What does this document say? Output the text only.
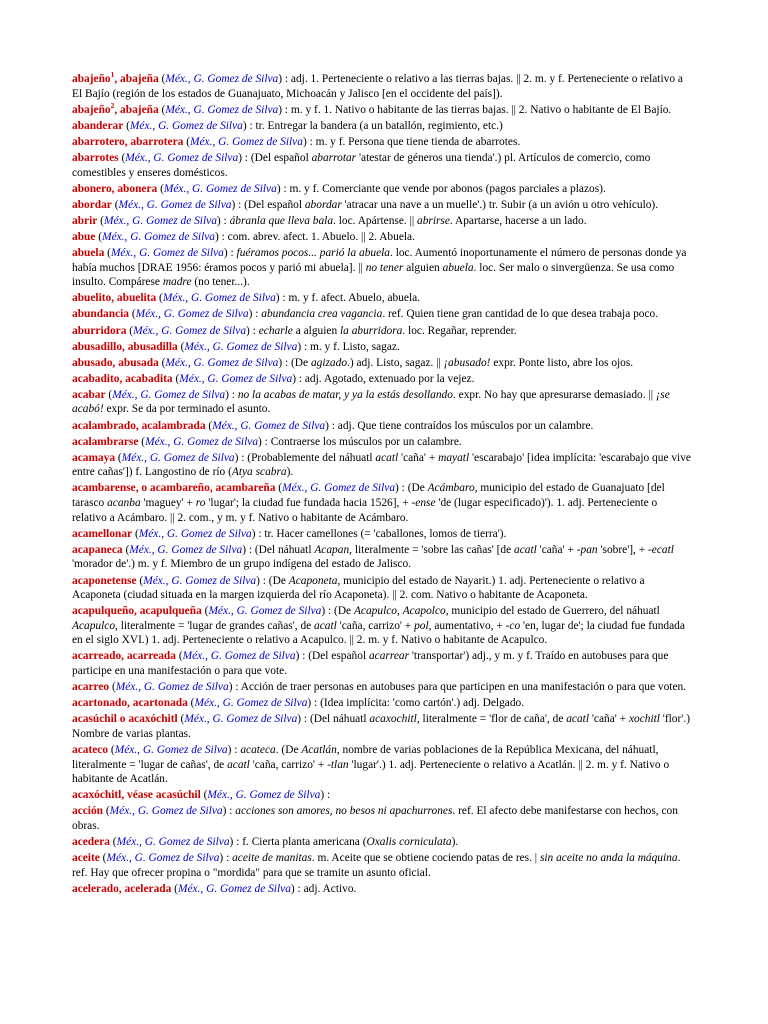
abajeño$^1$, abajeña (Méx., G. Gomez de Silva) : adj. 1. Perteneciente o relativo a las tierras bajas. || 2. m. y f. Perteneciente o relativo a El Bajío (región de los estados de Guanajuato, Michoacán y Jalisco [en el occidente del país]).
abajeño$^2$, abajeña (Méx., G. Gomez de Silva) : m. y f. 1. Nativo o habitante de las tierras bajas. || 2. Nativo o habitante de El Bajío.
abanderar (Méx., G. Gomez de Silva) : tr. Entregar la bandera (a un batallón, regimiento, etc.)
abarrotero, abarrotera (Méx., G. Gomez de Silva) : m. y f. Persona que tiene tienda de abarrotes.
abarrotes (Méx., G. Gomez de Silva) : (Del español abarrotar 'atestar de géneros una tienda'.) pl. Artículos de comercio, como comestibles y enseres domésticos.
abonero, abonera (Méx., G. Gomez de Silva) : m. y f. Comerciante que vende por abonos (pagos parciales a plazos).
abordar (Méx., G. Gomez de Silva) : (Del español abordar 'atracar una nave a un muelle'.) tr. Subir (a un avión u otro vehículo).
abrir (Méx., G. Gomez de Silva) : ábranla que lleva bala. loc. Apártense. || abrirse. Apartarse, hacerse a un lado.
abue (Méx., G. Gomez de Silva) : com. abrev. afect. 1. Abuelo. || 2. Abuela.
abuela (Méx., G. Gomez de Silva) : fuéramos pocos... parió la abuela. loc. Aumentó inoportunamente el número de personas donde ya había muchos [DRAE 1956: éramos pocos y parió mi abuela]. || no tener alguien abuela. loc. Ser malo o sinvergüenza. Se usa como insulto. Compárese madre (no tener...).
abuelito, abuelita (Méx., G. Gomez de Silva) : m. y f. afect. Abuelo, abuela.
abundancia (Méx., G. Gomez de Silva) : abundancia crea vagancia. ref. Quien tiene gran cantidad de lo que desea trabaja poco.
aburridora (Méx., G. Gomez de Silva) : echarle a alguien la aburridora. loc. Regañar, reprender.
abusadillo, abusadilla (Méx., G. Gomez de Silva) : m. y f. Listo, sagaz.
abusado, abusada (Méx., G. Gomez de Silva) : (De agizado.) adj. Listo, sagaz. || ¡abusado! expr. Ponte listo, abre los ojos.
acabadito, acabadita (Méx., G. Gomez de Silva) : adj. Agotado, extenuado por la vejez.
acabar (Méx., G. Gomez de Silva) : no la acabas de matar, y ya la estás desollando. expr. No hay que apresurarse demasiado. || ¡se acabó! expr. Se da por terminado el asunto.
acalambrado, acalambrada (Méx., G. Gomez de Silva) : adj. Que tiene contraídos los músculos por un calambre.
acalambrarse (Méx., G. Gomez de Silva) : Contraerse los músculos por un calambre.
acamaya (Méx., G. Gomez de Silva) : (Probablemente del náhuatl acatl 'caña' + mayatl 'escarabajo' [idea implícita: 'escarabajo que vive entre cañas']) f. Langostino de río (Atya scabra).
acambarense, o acambareño, acambareña (Méx., G. Gomez de Silva) : (De Acámbaro, municipio del estado de Guanajuato [del tarasco acanba 'maguey' + ro 'lugar'; la ciudad fue fundada hacia 1526], + -ense 'de (lugar especificado)'). 1. adj. Perteneciente o relativo a Acámbaro. || 2. com., y m. y f. Nativo o habitante de Acámbaro.
acamellonar (Méx., G. Gomez de Silva) : tr. Hacer camellones (= 'caballones, lomos de tierra').
acapaneca (Méx., G. Gomez de Silva) : (Del náhuatl Acapan, literalmente = 'sobre las cañas' [de acatl 'caña' + -pan 'sobre'], + -ecatl 'morador de'.) m. y f. Miembro de un grupo indígena del estado de Jalisco.
acaponetense (Méx., G. Gomez de Silva) : (De Acaponeta, municipio del estado de Nayarit.) 1. adj. Perteneciente o relativo a Acaponeta (ciudad situada en la margen izquierda del río Acaponeta). || 2. com. Nativo o habitante de Acaponeta.
acapulqueño, acapulqueña (Méx., G. Gomez de Silva) : (De Acapulco, Acapolco, municipio del estado de Guerrero, del náhuatl Acapulco, literalmente = 'lugar de grandes cañas', de acatl 'caña, carrizo' + pol, aumentativo, + -co 'en, lugar de'; la ciudad fue fundada en el siglo XVI.) 1. adj. Perteneciente o relativo a Acapulco. || 2. m. y f. Nativo o habitante de Acapulco.
acarreado, acarreada (Méx., G. Gomez de Silva) : (Del español acarrear 'transportar') adj., y m. y f. Traído en autobuses para que participe en una manifestación o para que vote.
acarreo (Méx., G. Gomez de Silva) : Acción de traer personas en autobuses para que participen en una manifestación o para que voten.
acartonado, acartonada (Méx., G. Gomez de Silva) : (Idea implícita: 'como cartón'.) adj. Delgado.
acasúchil o acaxóchitl (Méx., G. Gomez de Silva) : (Del náhuatl acaxochitl, literalmente = 'flor de caña', de acatl 'caña' + xochitl 'flor'.) Nombre de varias plantas.
acateco (Méx., G. Gomez de Silva) : acateca. (De Acatlán, nombre de varias poblaciones de la República Mexicana, del náhuatl, literalmente = 'lugar de cañas', de acatl 'caña, carrizo' + -tlan 'lugar'.) 1. adj. Perteneciente o relativo a Acatlán. || 2. m. y f. Nativo o habitante de Acatlán.
acaxóchitl, véase acasúchil (Méx., G. Gomez de Silva) :
acción (Méx., G. Gomez de Silva) : acciones son amores, no besos ni apachurrones. ref. El afecto debe manifestarse con hechos, con obras.
acedera (Méx., G. Gomez de Silva) : f. Cierta planta americana (Oxalis corniculata).
aceite (Méx., G. Gomez de Silva) : aceite de manitas. m. Aceite que se obtiene cociendo patas de res. | sin aceite no anda la máquina. ref. Hay que ofrecer propina o "mordida" para que se tramite un asunto oficial.
acelerado, acelerada (Méx., G. Gomez de Silva) : adj. Activo.
